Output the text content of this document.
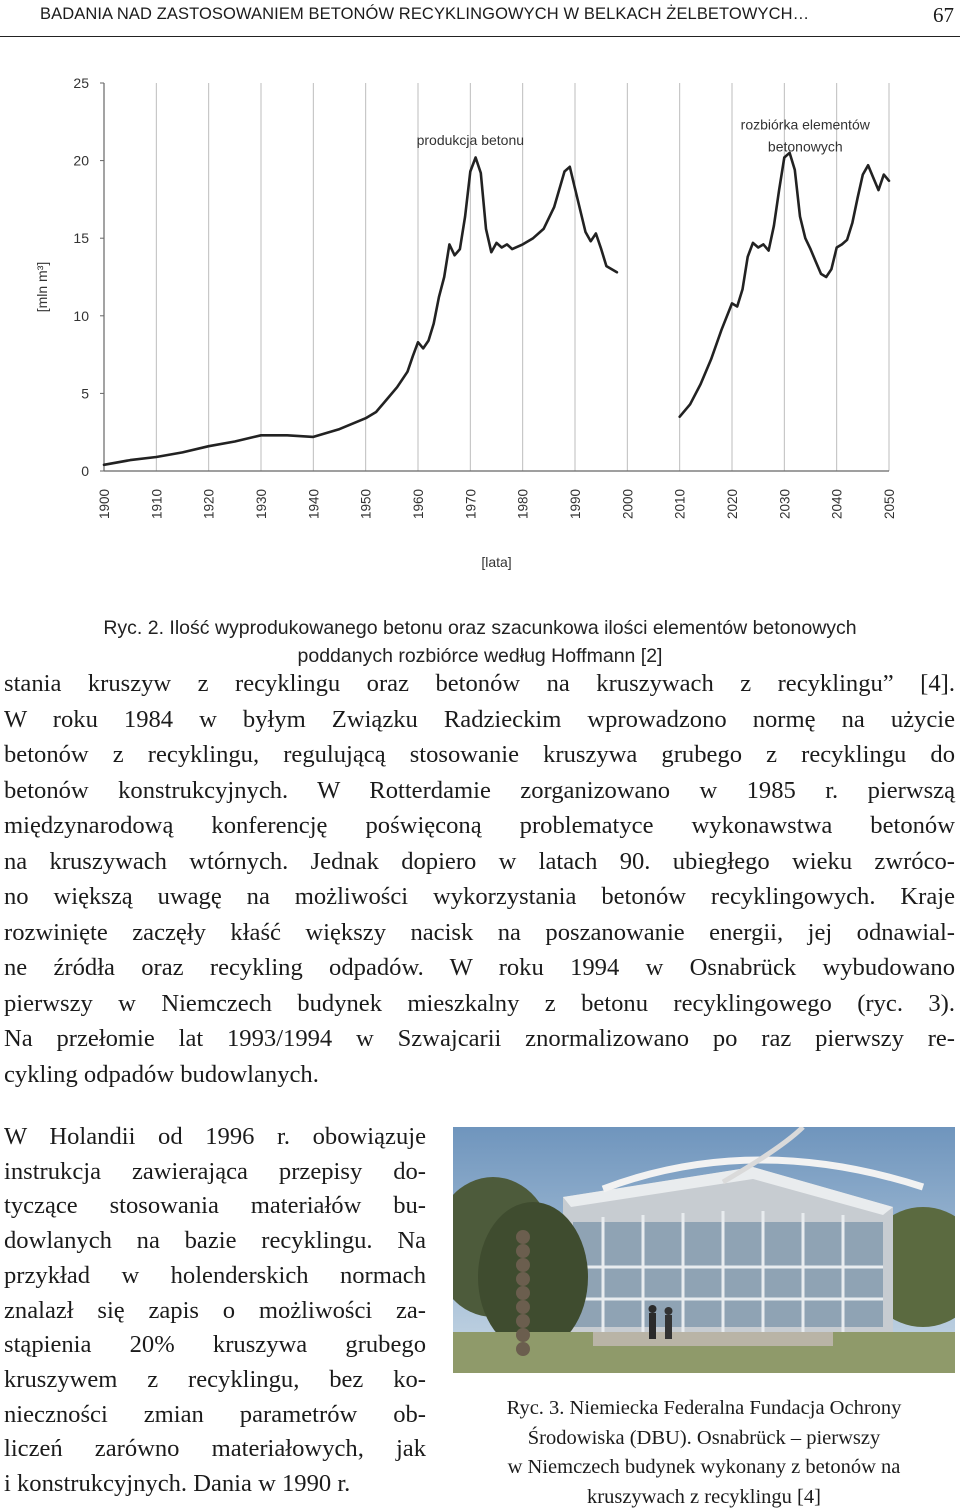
BADANIA NAD ZASTOSOWANIEM BETONÓW RECYKLINGOWYCH W BELKACH ŻELBETOWYCH…	67
1900	1910	1920	1930	1940	1950	1960	1970	1980	1990	2000	2010	2020	2030	2040	2050
0
5
10
15
20
25
[mln m³]
[lata]
produkcja betonu
rozbiórka elementów
betonowych
Ryc. 2. Ilość wyprodukowanego betonu oraz szacunkowa ilości elementów betonowych
poddanych rozbiórce według Hoffmann [2]

stania kruszyw z recyklingu oraz betonów na kruszywach z recyklingu” [4].
W roku 1984 w byłym Związku Radzieckim wprowadzono normę na użycie
betonów z recyklingu, regulującą stosowanie kruszywa grubego z recyklingu do
betonów konstrukcyjnych. W Rotterdamie zorganizowano w 1985 r. pierwszą
międzynarodową konferencję poświęconą problematyce wykonawstwa betonów
na kruszywach wtórnych. Jednak dopiero w latach 90. ubiegłego wieku zwróco-
no większą uwagę na możliwości wykorzystania betonów recyklingowych. Kraje
rozwinięte zaczęły kłaść większy nacisk na poszanowanie energii, jej odnawial-
ne źródła oraz recykling odpadów. W roku 1994 w Osnabrück wybudowano
pierwszy w Niemczech budynek mieszkalny z betonu recyklingowego (ryc. 3).
Na przełomie lat 1993/1994 w Szwajcarii znormalizowano po raz pierwszy re-
cykling odpadów budowlanych.

W Holandii od 1996 r. obowiązuje
instrukcja zawierająca przepisy do-
tyczące stosowania materiałów bu-
dowlanych na bazie recyklingu. Na
przykład w holenderskich normach
znalazł się zapis o możliwości za-
stąpienia 20% kruszywa grubego
kruszywem z recyklingu, bez ko-
nieczności zmian parametrów ob-
liczeń zarówno materiałowych, jak
i konstrukcyjnych. Dania w 1990 r.

Ryc. 3. Niemiecka Federalna Fundacja Ochrony
Środowiska (DBU). Osnabrück – pierwszy
w Niemczech budynek wykonany z betonów na
kruszywach z recyklingu [4]
